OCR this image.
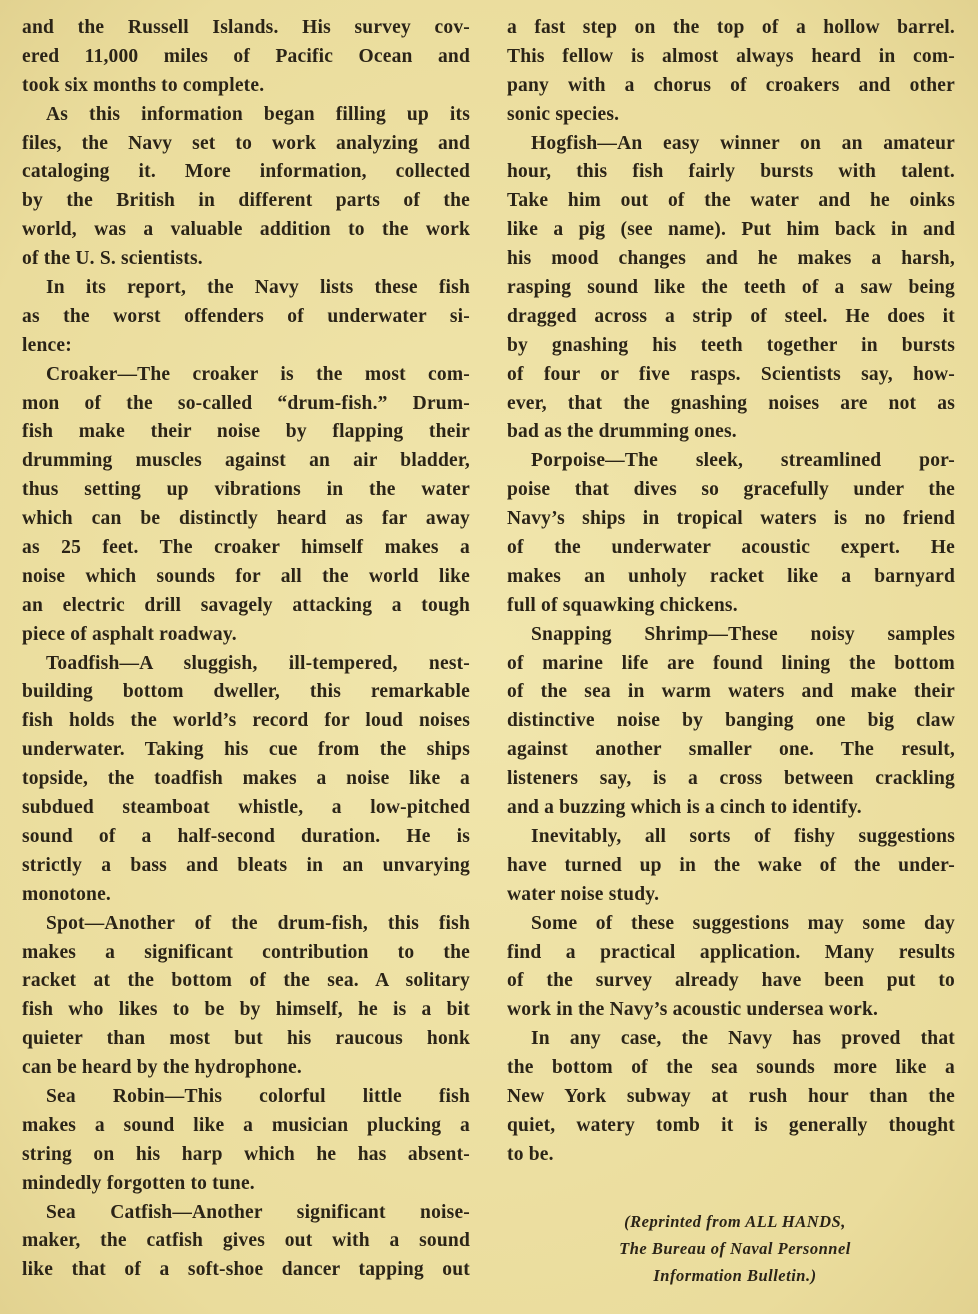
and the Russell Islands. His survey cov-
ered 11,000 miles of Pacific Ocean and
took six months to complete.
As this information began filling up its
files, the Navy set to work analyzing and
cataloging it. More information, collected
by the British in different parts of the
world, was a valuable addition to the work
of the U. S. scientists.
In its report, the Navy lists these fish
as the worst offenders of underwater si-
lence:
Croaker—The croaker is the most com-
mon of the so-called “drum-fish.” Drum-
fish make their noise by flapping their
drumming muscles against an air bladder,
thus setting up vibrations in the water
which can be distinctly heard as far away
as 25 feet. The croaker himself makes a
noise which sounds for all the world like
an electric drill savagely attacking a tough
piece of asphalt roadway.
Toadfish—A sluggish, ill-tempered, nest-
building bottom dweller, this remarkable
fish holds the world’s record for loud noises
underwater. Taking his cue from the ships
topside, the toadfish makes a noise like a
subdued steamboat whistle, a low-pitched
sound of a half-second duration. He is
strictly a bass and bleats in an unvarying
monotone.
Spot—Another of the drum-fish, this fish
makes a significant contribution to the
racket at the bottom of the sea. A solitary
fish who likes to be by himself, he is a bit
quieter than most but his raucous honk
can be heard by the hydrophone.
Sea Robin—This colorful little fish
makes a sound like a musician plucking a
string on his harp which he has absent-
mindedly forgotten to tune.
Sea Catfish—Another significant noise-
maker, the catfish gives out with a sound
like that of a soft-shoe dancer tapping out
a fast step on the top of a hollow barrel.
This fellow is almost always heard in com-
pany with a chorus of croakers and other
sonic species.
Hogfish—An easy winner on an amateur
hour, this fish fairly bursts with talent.
Take him out of the water and he oinks
like a pig (see name). Put him back in and
his mood changes and he makes a harsh,
rasping sound like the teeth of a saw being
dragged across a strip of steel. He does it
by gnashing his teeth together in bursts
of four or five rasps. Scientists say, how-
ever, that the gnashing noises are not as
bad as the drumming ones.
Porpoise—The sleek, streamlined por-
poise that dives so gracefully under the
Navy’s ships in tropical waters is no friend
of the underwater acoustic expert. He
makes an unholy racket like a barnyard
full of squawking chickens.
Snapping Shrimp—These noisy samples
of marine life are found lining the bottom
of the sea in warm waters and make their
distinctive noise by banging one big claw
against another smaller one. The result,
listeners say, is a cross between crackling
and a buzzing which is a cinch to identify.
Inevitably, all sorts of fishy suggestions
have turned up in the wake of the under-
water noise study.
Some of these suggestions may some day
find a practical application. Many results
of the survey already have been put to
work in the Navy’s acoustic undersea work.
In any case, the Navy has proved that
the bottom of the sea sounds more like a
New York subway at rush hour than the
quiet, watery tomb it is generally thought
to be.
(Reprinted from ALL HANDS,
The Bureau of Naval Personnel
Information Bulletin.)
